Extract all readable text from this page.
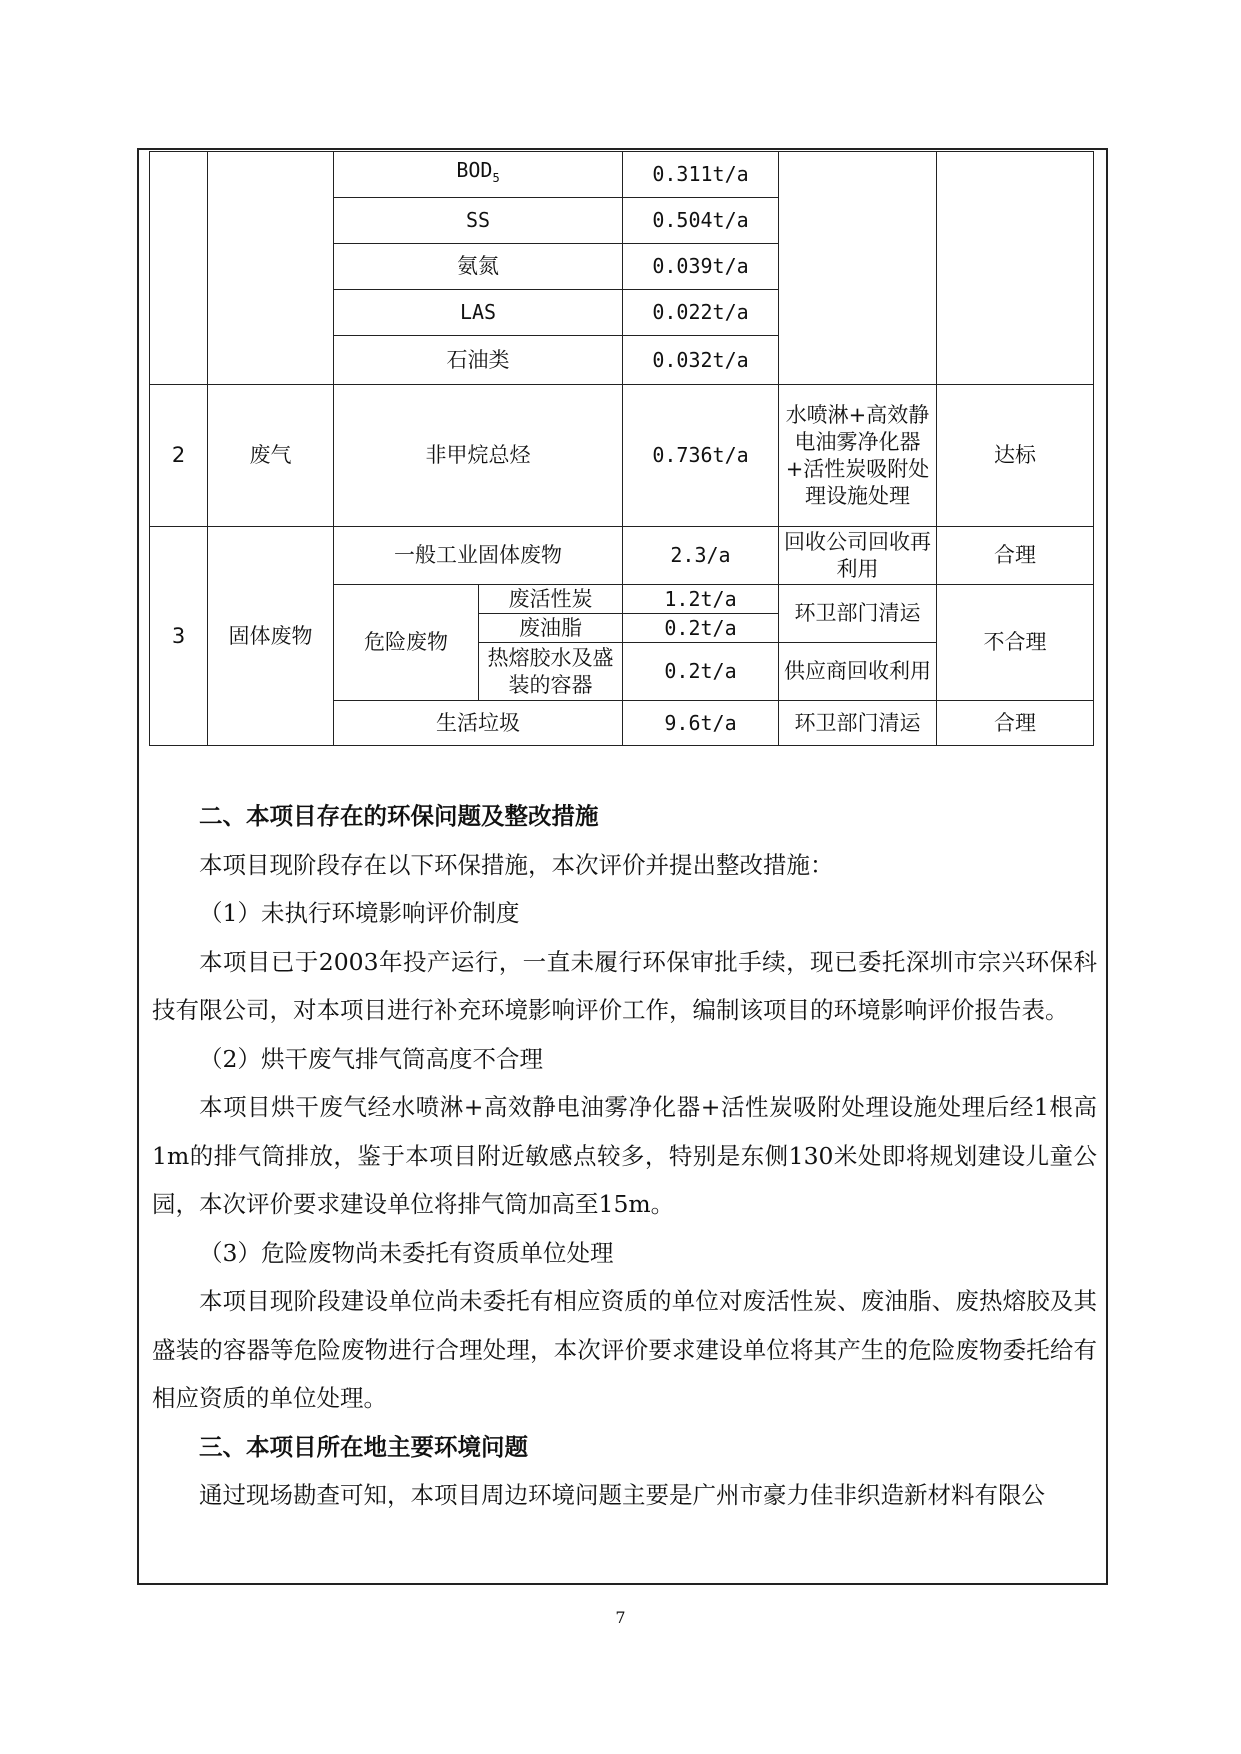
		$BOD_5$		0.311t/a		
		SS		0.504t/a		
		氨氮		0.039t/a		
		LAS		0.022t/a		
		石油类		0.032t/a		
2	废气	非甲烷总烃		0.736t/a	水喷淋+高效静电油雾净化器+活性炭吸附处理设施处理	达标
3	固体废物	一般工业固体废物		2.3/a	回收公司回收再利用	合理
		危险废物	废活性炭	1.2t/a	环卫部门清运	不合理
			废油脂	0.2t/a		
			热熔胶水及盛装的容器	0.2t/a	供应商回收利用	
		生活垃圾		9.6t/a	环卫部门清运	合理

二、本项目存在的环保问题及整改措施

本项目现阶段存在以下环保措施，本次评价并提出整改措施：

（1）未执行环境影响评价制度

本项目已于2003年投产运行，一直未履行环保审批手续，现已委托深圳市宗兴环保科技有限公司，对本项目进行补充环境影响评价工作，编制该项目的环境影响评价报告表。

（2）烘干废气排气筒高度不合理

本项目烘干废气经水喷淋+高效静电油雾净化器+活性炭吸附处理设施处理后经1根高1m的排气筒排放，鉴于本项目附近敏感点较多，特别是东侧130米处即将规划建设儿童公园，本次评价要求建设单位将排气筒加高至15m。

（3）危险废物尚未委托有资质单位处理

本项目现阶段建设单位尚未委托有相应资质的单位对废活性炭、废油脂、废热熔胶及其盛装的容器等危险废物进行合理处理，本次评价要求建设单位将其产生的危险废物委托给有相应资质的单位处理。

三、本项目所在地主要环境问题

通过现场勘查可知，本项目周边环境问题主要是广州市豪力佳非织造新材料有限公

7
